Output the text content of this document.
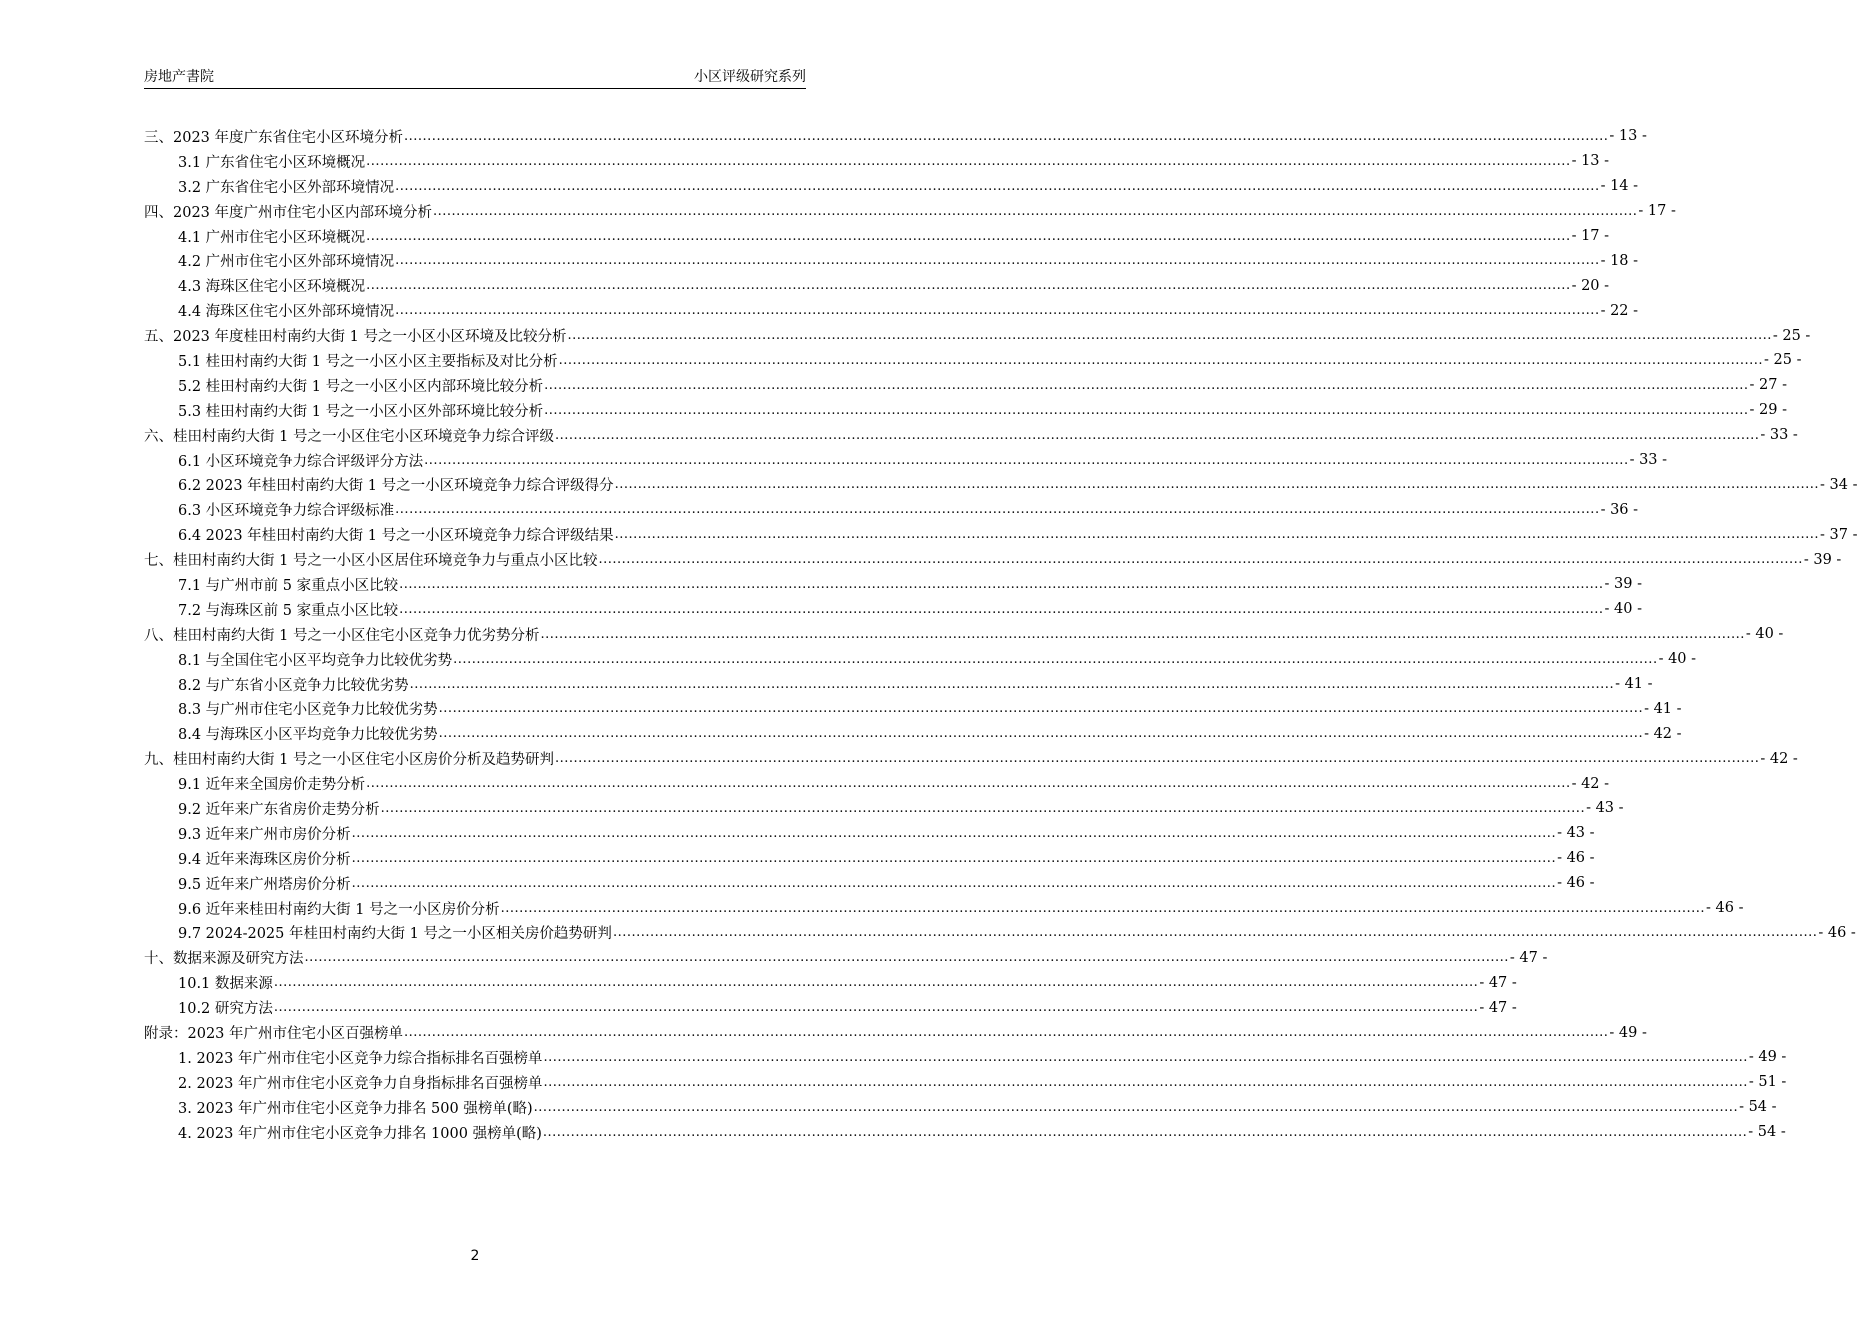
房地产書院	小区评级研究系列
三、2023 年度广东省住宅小区环境分析 .................................................................................................................................................................................................................................................................... - 13 -
3.1 广东省住宅小区环境概况 .................................................................................................................................................................................................................................................................... - 13 -
3.2 广东省住宅小区外部环境情况 .................................................................................................................................................................................................................................................................... - 14 -
四、2023 年度广州市住宅小区内部环境分析 .................................................................................................................................................................................................................................................................... - 17 -
4.1 广州市住宅小区环境概况 .................................................................................................................................................................................................................................................................... - 17 -
4.2 广州市住宅小区外部环境情况 .................................................................................................................................................................................................................................................................... - 18 -
4.3 海珠区住宅小区环境概况 .................................................................................................................................................................................................................................................................... - 20 -
4.4 海珠区住宅小区外部环境情况 .................................................................................................................................................................................................................................................................... - 22 -
五、2023 年度桂田村南约大街 1 号之一小区小区环境及比较分析 .................................................................................................................................................................................................................................................................... - 25 -
5.1 桂田村南约大街 1 号之一小区小区主要指标及对比分析 .................................................................................................................................................................................................................................................................... - 25 -
5.2 桂田村南约大街 1 号之一小区小区内部环境比较分析 .................................................................................................................................................................................................................................................................... - 27 -
5.3 桂田村南约大街 1 号之一小区小区外部环境比较分析 .................................................................................................................................................................................................................................................................... - 29 -
六、桂田村南约大街 1 号之一小区住宅小区环境竞争力综合评级 .................................................................................................................................................................................................................................................................... - 33 -
6.1 小区环境竞争力综合评级评分方法 .................................................................................................................................................................................................................................................................... - 33 -
6.2 2023 年桂田村南约大街 1 号之一小区环境竞争力综合评级得分 .................................................................................................................................................................................................................................................................... - 34 -
6.3 小区环境竞争力综合评级标准 .................................................................................................................................................................................................................................................................... - 36 -
6.4 2023 年桂田村南约大街 1 号之一小区环境竞争力综合评级结果 .................................................................................................................................................................................................................................................................... - 37 -
七、桂田村南约大街 1 号之一小区小区居住环境竞争力与重点小区比较 .................................................................................................................................................................................................................................................................... - 39 -
7.1 与广州市前 5 家重点小区比较 .................................................................................................................................................................................................................................................................... - 39 -
7.2 与海珠区前 5 家重点小区比较 .................................................................................................................................................................................................................................................................... - 40 -
八、桂田村南约大街 1 号之一小区住宅小区竞争力优劣势分析 .................................................................................................................................................................................................................................................................... - 40 -
8.1 与全国住宅小区平均竞争力比较优劣势 .................................................................................................................................................................................................................................................................... - 40 -
8.2 与广东省小区竞争力比较优劣势 .................................................................................................................................................................................................................................................................... - 41 -
8.3 与广州市住宅小区竞争力比较优劣势 .................................................................................................................................................................................................................................................................... - 41 -
8.4 与海珠区小区平均竞争力比较优劣势 .................................................................................................................................................................................................................................................................... - 42 -
九、桂田村南约大街 1 号之一小区住宅小区房价分析及趋势研判 .................................................................................................................................................................................................................................................................... - 42 -
9.1 近年来全国房价走势分析 .................................................................................................................................................................................................................................................................... - 42 -
9.2 近年来广东省房价走势分析 .................................................................................................................................................................................................................................................................... - 43 -
9.3 近年来广州市房价分析 .................................................................................................................................................................................................................................................................... - 43 -
9.4 近年来海珠区房价分析 .................................................................................................................................................................................................................................................................... - 46 -
9.5 近年来广州塔房价分析 .................................................................................................................................................................................................................................................................... - 46 -
9.6 近年来桂田村南约大街 1 号之一小区房价分析 .................................................................................................................................................................................................................................................................... - 46 -
9.7 2024-2025 年桂田村南约大街 1 号之一小区相关房价趋势研判 .................................................................................................................................................................................................................................................................... - 46 -
十、数据来源及研究方法 .................................................................................................................................................................................................................................................................... - 47 -
10.1 数据来源 .................................................................................................................................................................................................................................................................... - 47 -
10.2 研究方法 .................................................................................................................................................................................................................................................................... - 47 -
附录：2023 年广州市住宅小区百强榜单 .................................................................................................................................................................................................................................................................... - 49 -
1. 2023 年广州市住宅小区竞争力综合指标排名百强榜单 .................................................................................................................................................................................................................................................................... - 49 -
2. 2023 年广州市住宅小区竞争力自身指标排名百强榜单 .................................................................................................................................................................................................................................................................... - 51 -
3. 2023 年广州市住宅小区竞争力排名 500 强榜单(略) .................................................................................................................................................................................................................................................................... - 54 -
4. 2023 年广州市住宅小区竞争力排名 1000 强榜单(略) .................................................................................................................................................................................................................................................................... - 54 -
2
